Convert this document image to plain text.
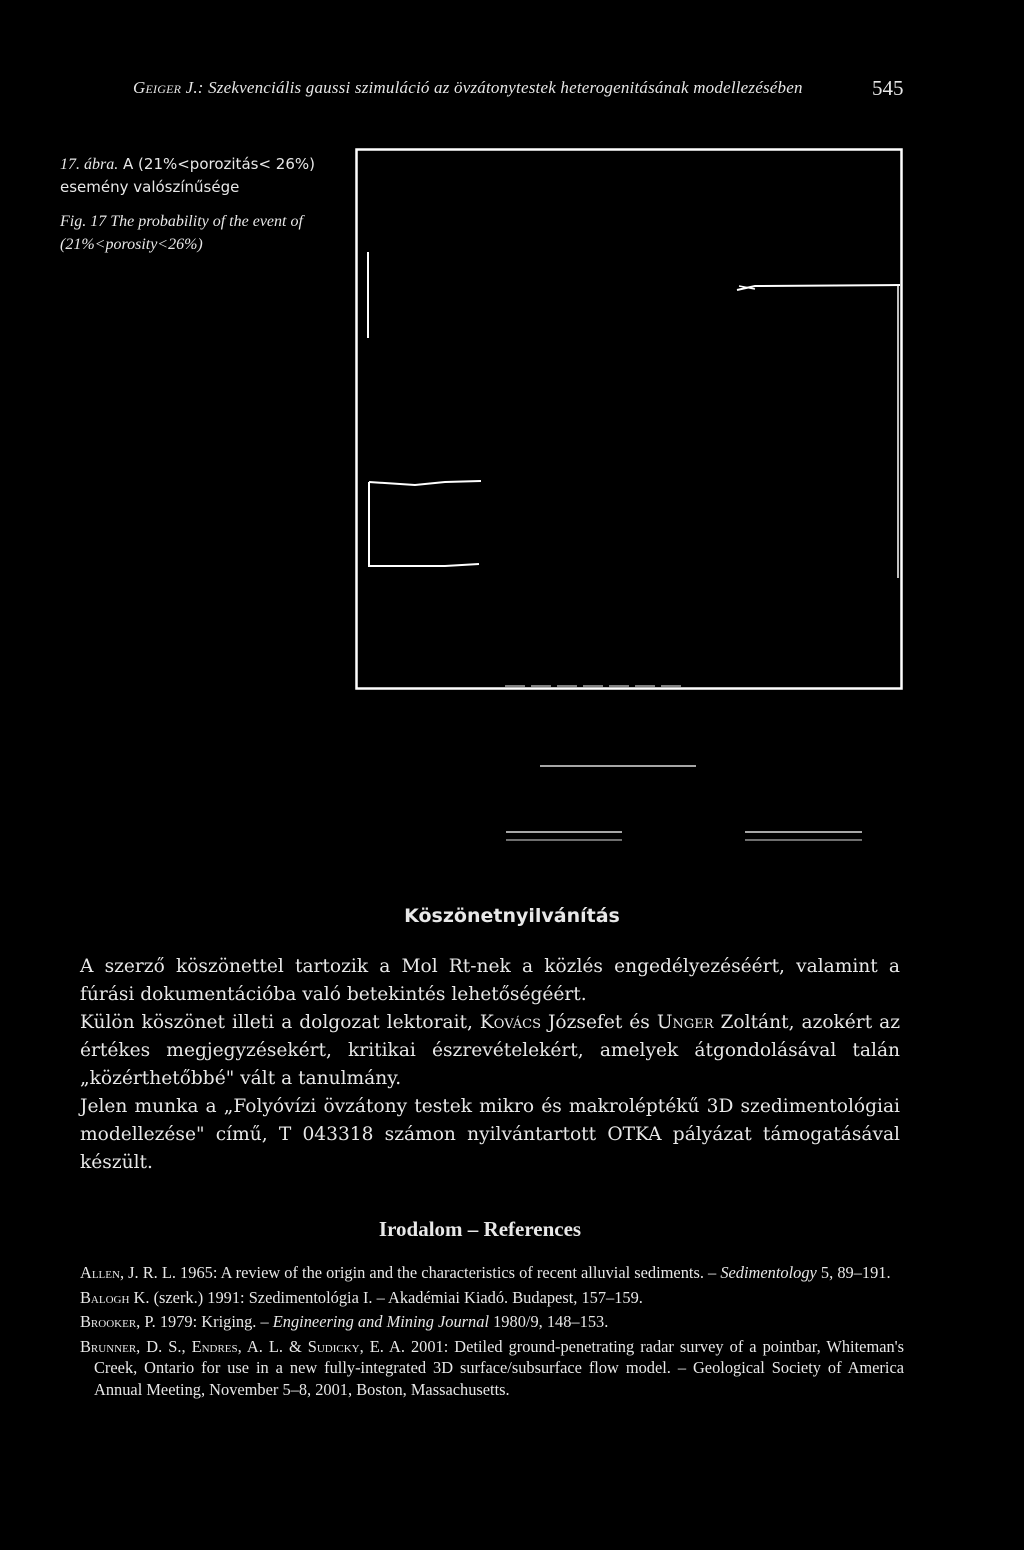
Geiger J.: Szekvenciális gaussi szimuláció az övzátonytestek heterogenitásának modellezésében	545
17. ábra. A (21%<porozitás< 26%) esemény valószínűsége
Fig. 17 The probability of the event of (21%<porosity<26%)
Köszönetnyilvánítás

A szerző köszönettel tartozik a Mol Rt-nek a közlés engedélyezéséért, valamint a fúrási dokumentációba való betekintés lehetőségéért.

Külön köszönet illeti a dolgozat lektorait, Kovács Józsefet és Unger Zoltánt, azokért az értékes megjegyzésekért, kritikai észrevételekért, amelyek átgondolásával talán „közérthetőbbé" vált a tanulmány.

Jelen munka a „Folyóvízi övzátony testek mikro és makroléptékű 3D szedimentológiai modellezése" című, T 043318 számon nyilvántartott OTKA pályázat támogatásával készült.

Irodalom – References
Allen, J. R. L. 1965: A review of the origin and the characteristics of recent alluvial sediments. – Sedimentology 5, 89–191.
Balogh K. (szerk.) 1991: Szedimentológia I. – Akadémiai Kiadó. Budapest, 157–159.
Brooker, P. 1979: Kriging. – Engineering and Mining Journal 1980/9, 148–153.
Brunner, D. S., Endres, A. L. & Sudicky, E. A. 2001: Detiled ground-penetrating radar survey of a pointbar, Whiteman's Creek, Ontario for use in a new fully-integrated 3D surface/subsurface flow model. – Geological Society of America Annual Meeting, November 5–8, 2001, Boston, Massachusetts.
